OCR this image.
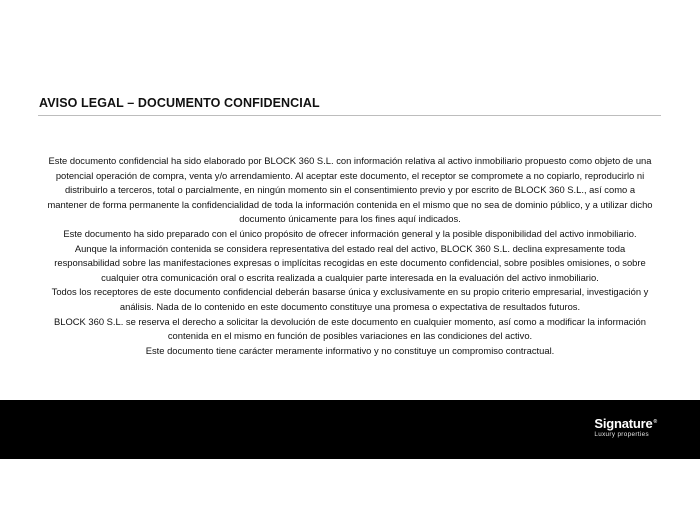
AVISO LEGAL – DOCUMENTO CONFIDENCIAL

Este documento confidencial ha sido elaborado por BLOCK 360 S.L. con información relativa al activo inmobiliario propuesto como objeto de una

potencial operación de compra, venta y/o arrendamiento. Al aceptar este documento, el receptor se compromete a no copiarlo, reproducirlo ni

distribuirlo a terceros, total o parcialmente, en ningún momento sin el consentimiento previo y por escrito de BLOCK 360 S.L., así como a

mantener de forma permanente la confidencialidad de toda la información contenida en el mismo que no sea de dominio público, y a utilizar dicho

documento únicamente para los fines aquí indicados.

Este documento ha sido preparado con el único propósito de ofrecer información general y la posible disponibilidad del activo inmobiliario.

Aunque la información contenida se considera representativa del estado real del activo, BLOCK 360 S.L. declina expresamente toda

responsabilidad sobre las manifestaciones expresas o implícitas recogidas en este documento confidencial, sobre posibles omisiones, o sobre

cualquier otra comunicación oral o escrita realizada a cualquier parte interesada en la evaluación del activo inmobiliario.

Todos los receptores de este documento confidencial deberán basarse única y exclusivamente en su propio criterio empresarial, investigación y

análisis. Nada de lo contenido en este documento constituye una promesa o expectativa de resultados futuros.

BLOCK 360 S.L. se reserva el derecho a solicitar la devolución de este documento en cualquier momento, así como a modificar la información

contenida en el mismo en función de posibles variaciones en las condiciones del activo.

Este documento tiene carácter meramente informativo y no constituye un compromiso contractual.

Signature®
Luxury properties
